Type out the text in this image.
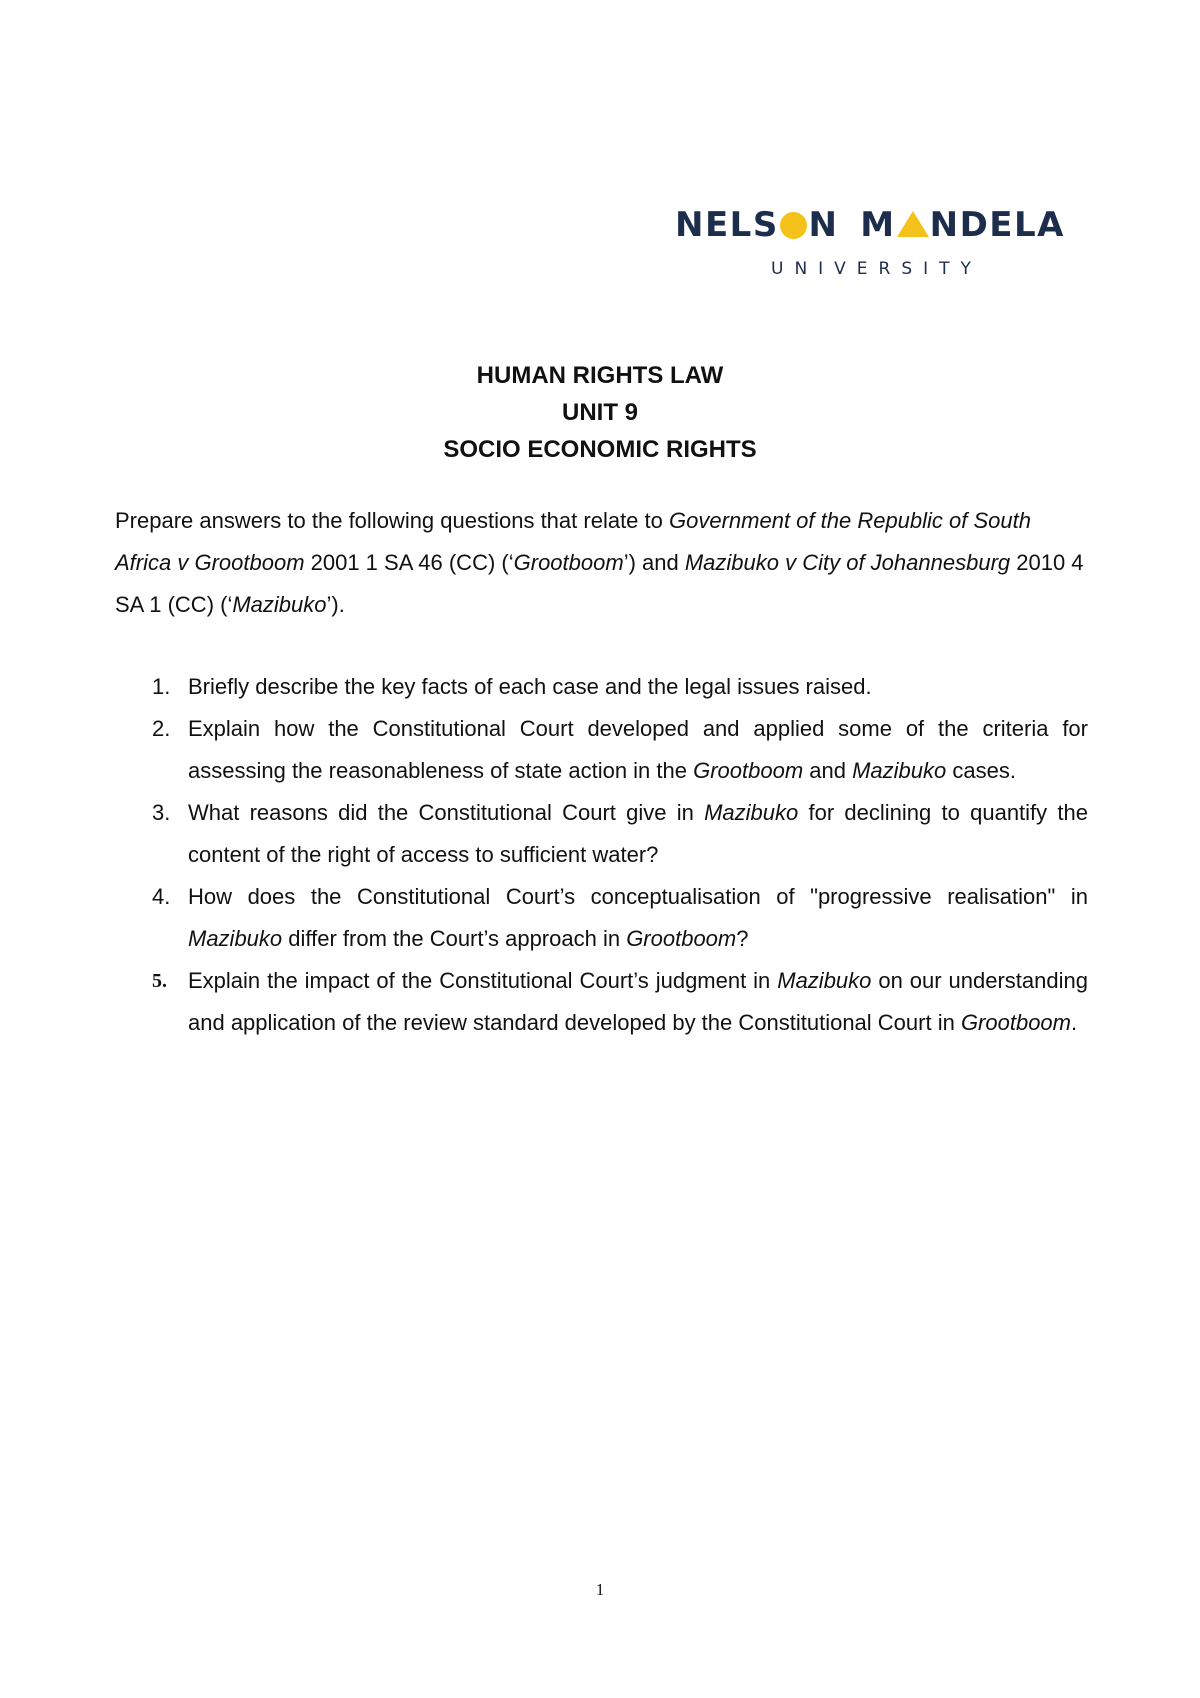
NELS N M NDELA
UNIVERSITY
HUMAN RIGHTS LAW
UNIT 9
SOCIO ECONOMIC RIGHTS

Prepare answers to the following questions that relate to Government of the Republic of South Africa v Grootboom 2001 1 SA 46 (CC) (‘Grootboom’) and Mazibuko v City of Johannesburg 2010 4 SA 1 (CC) (‘Mazibuko’).

1. Briefly describe the key facts of each case and the legal issues raised.
2. Explain how the Constitutional Court developed and applied some of the criteria for assessing the reasonableness of state action in the Grootboom and Mazibuko cases.
3. What reasons did the Constitutional Court give in Mazibuko for declining to quantify the content of the right of access to sufficient water?
4. How does the Constitutional Court’s conceptualisation of "progressive realisation" in Mazibuko differ from the Court’s approach in Grootboom?
5. Explain the impact of the Constitutional Court’s judgment in Mazibuko on our understanding and application of the review standard developed by the Constitutional Court in Grootboom.
1
